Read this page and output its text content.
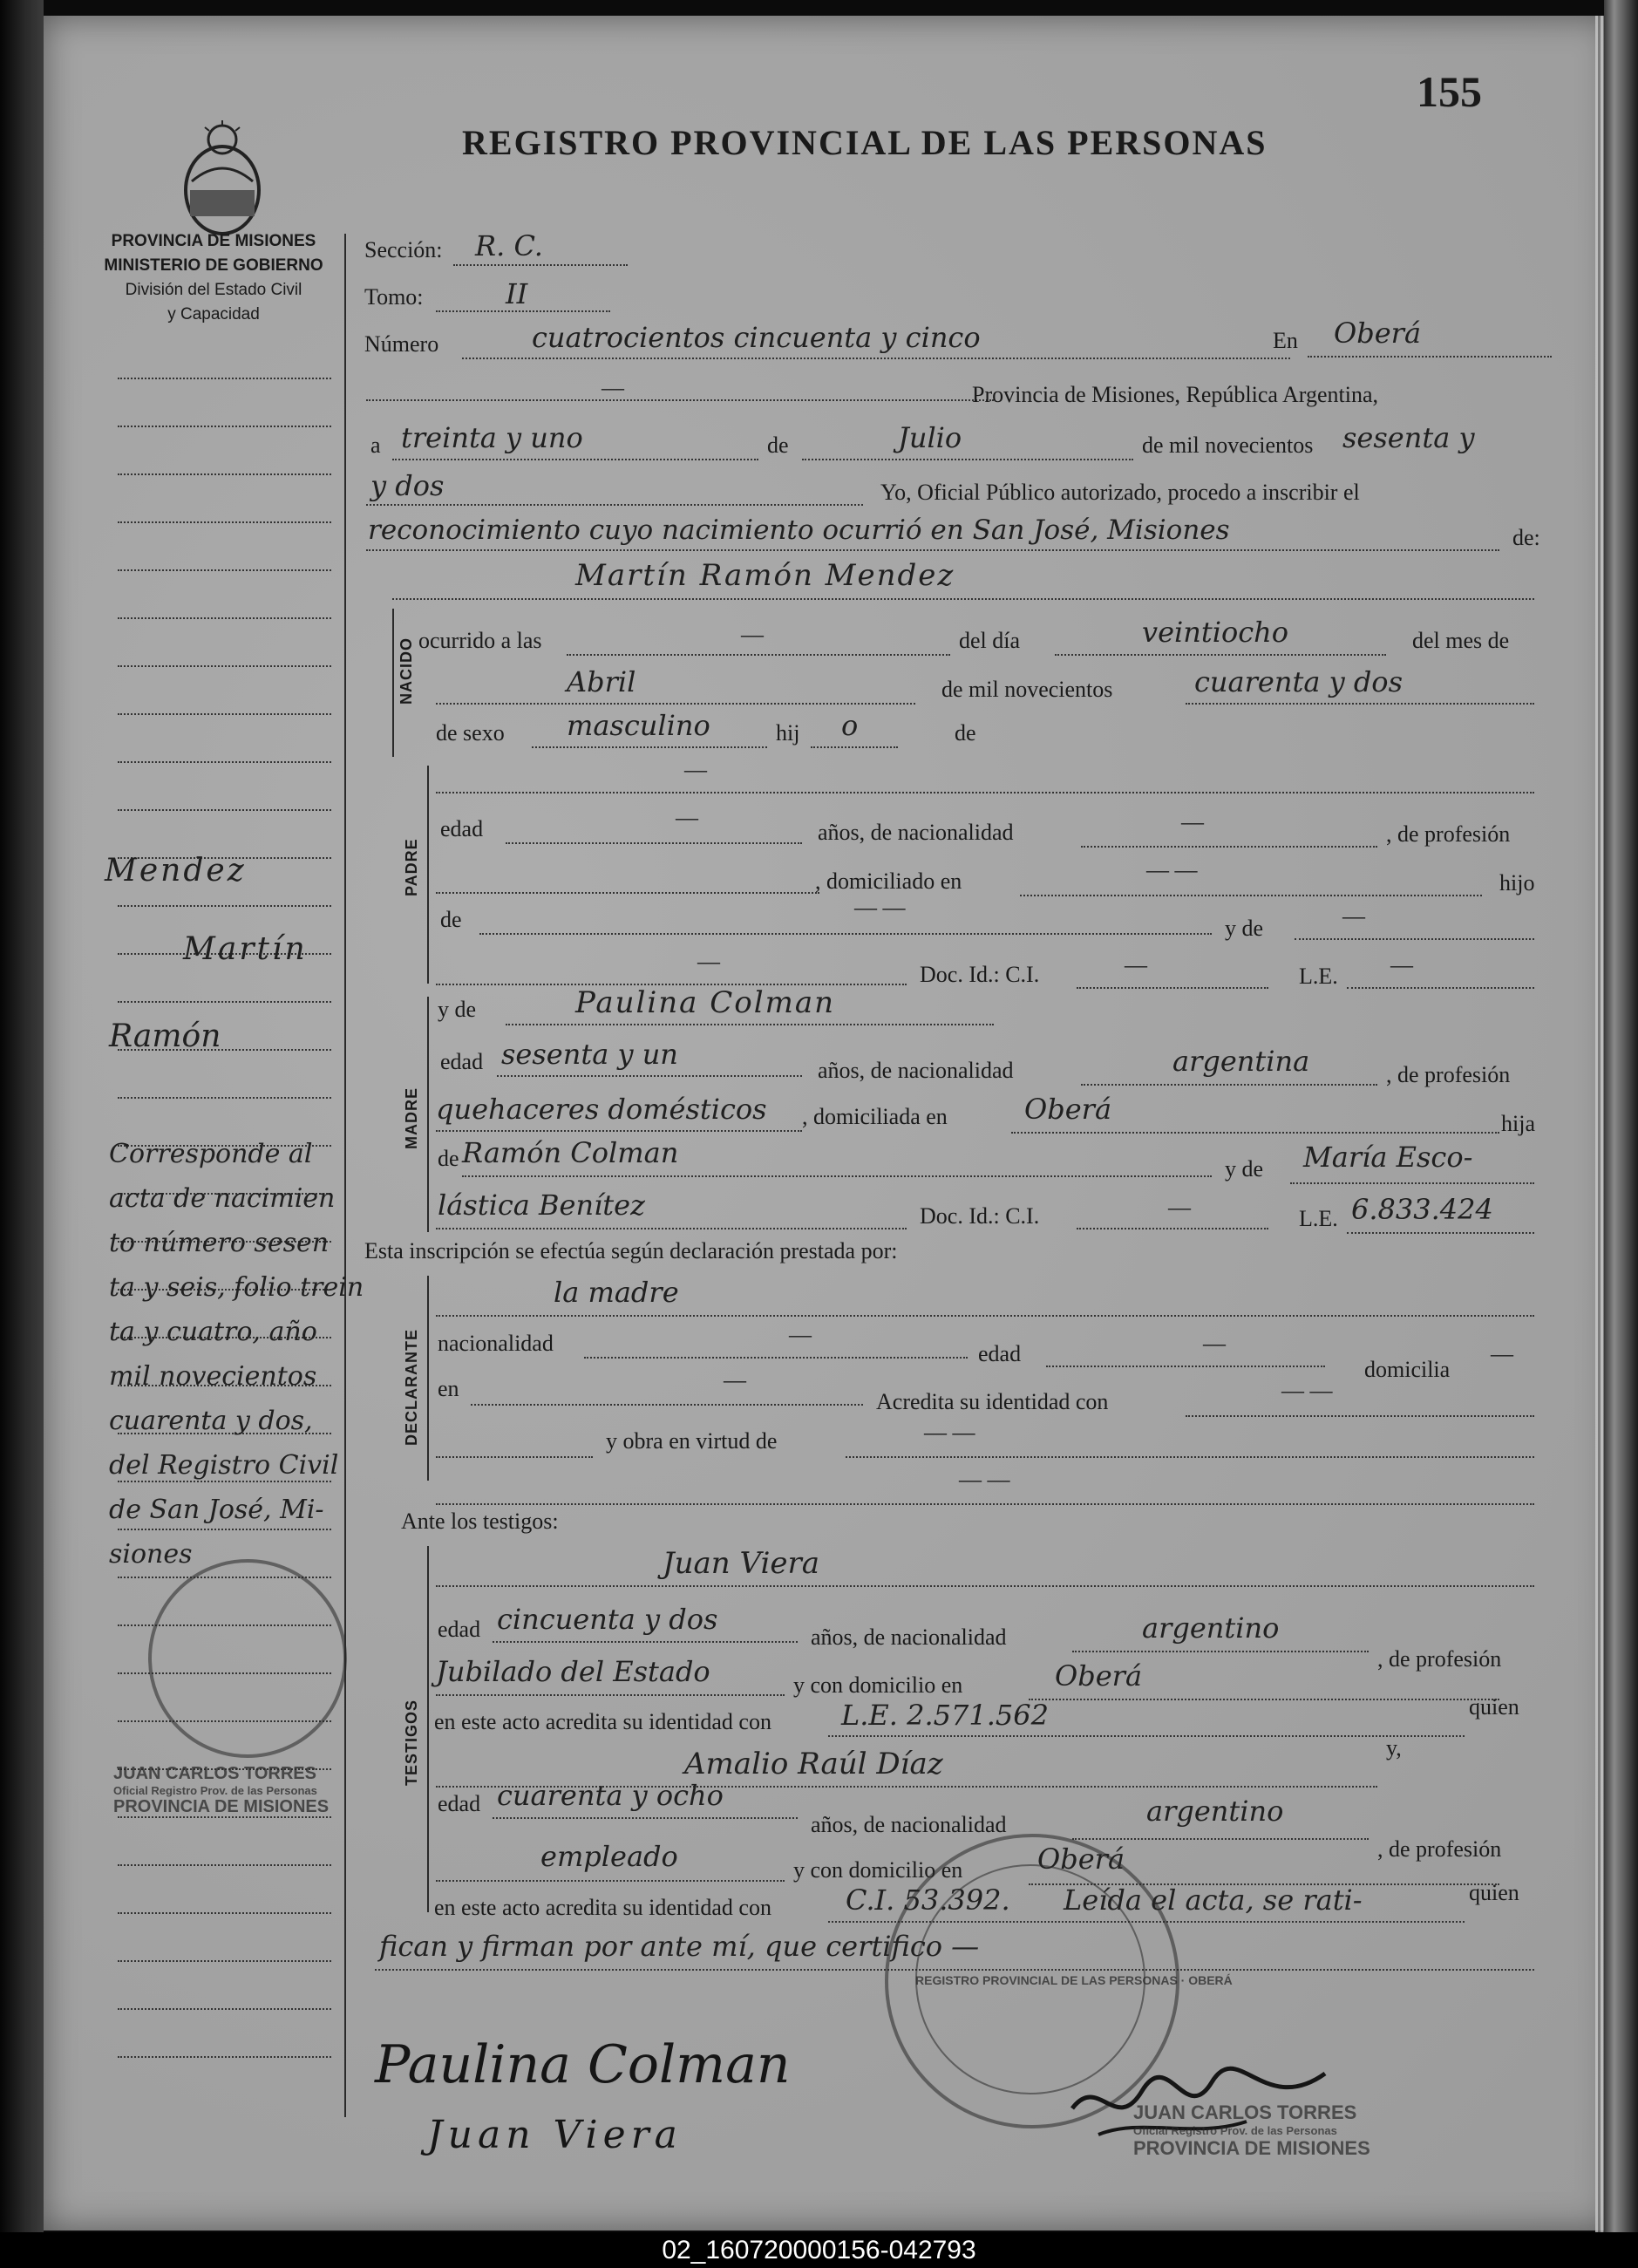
155
REGISTRO PROVINCIAL DE LAS PERSONAS
PROVINCIA DE MISIONES
MINISTERIO DE GOBIERNO
División del Estado Civil
y Capacidad
Mendez
Martín
Ramón
Corresponde al
acta de nacimien
to número sesen
ta y seis, folio trein
ta y cuatro, año
mil novecientos
cuarenta y dos,
del Registro Civil
de San José, Mi-
siones
JUAN CARLOS TORRES
Oficial Registro Prov. de las Personas
PROVINCIA DE MISIONES
Sección: R. C.
Tomo:	II
Número	cuatrocientos cincuenta y cinco	En Oberá
—	Provincia de Misiones, República Argentina,
a treinta y uno	de	Julio	de mil novecientos sesenta y
y dos	Yo, Oficial Público autorizado, procedo a inscribir el
reconocimiento cuyo nacimiento ocurrió en San José, Misiones	de:
Martín Ramón Mendez
NACIDO ocurrido a las	—	del día	veintiocho	del mes de
Abril	de mil novecientos	cuarenta y dos
de sexo masculino	hij o	de
—
PADRE
edad	—
años, de nacionalidad	—	, de profesión
, domiciliado en	— —
hijo
de	— —
y de	—
—
Doc. Id.: C.I.	—	L.E. —
MADRE
y de	Paulina Colman
edad sesenta y un	años, de nacionalidad	argentina	, de profesión
quehaceres domésticos , domiciliada en	Oberá	hija
de Ramón Colman	y de María Esco-
lástica Benítez	Doc. Id.: C.I.	—	L.E. 6.833.424
Esta inscripción se efectúa según declaración prestada por:
DECLARANTE
la madre
nacionalidad	—
edad	—
domicilia
—
en	—
Acredita su identidad con	— —
y obra en virtud de	— —
— —
Ante los testigos:
TESTIGOS
Juan Viera
edad cincuenta y dos
años, de nacionalidad	argentino
, de profesión
Jubilado del Estado	y con domicilio en	Oberá
en este acto acredita su identidad con	L.E. 2.571.562	quien
Amalio Raúl Díaz	y,
edad cuarenta y ocho
años, de nacionalidad	argentino
, de profesión
empleado	y con domicilio en	Oberá
en este acto acredita su identidad con	C.I. 53.392. Leída el acta, se rati-	quien
fican y firman por ante mí, que certifico —
REGISTRO PROVINCIAL DE LAS PERSONAS · OBERÁ
Paulina Colman
Juan Viera
JUAN CARLOS TORRES
Oficial Registro Prov. de las Personas
PROVINCIA DE MISIONES
02_160720000156-042793
